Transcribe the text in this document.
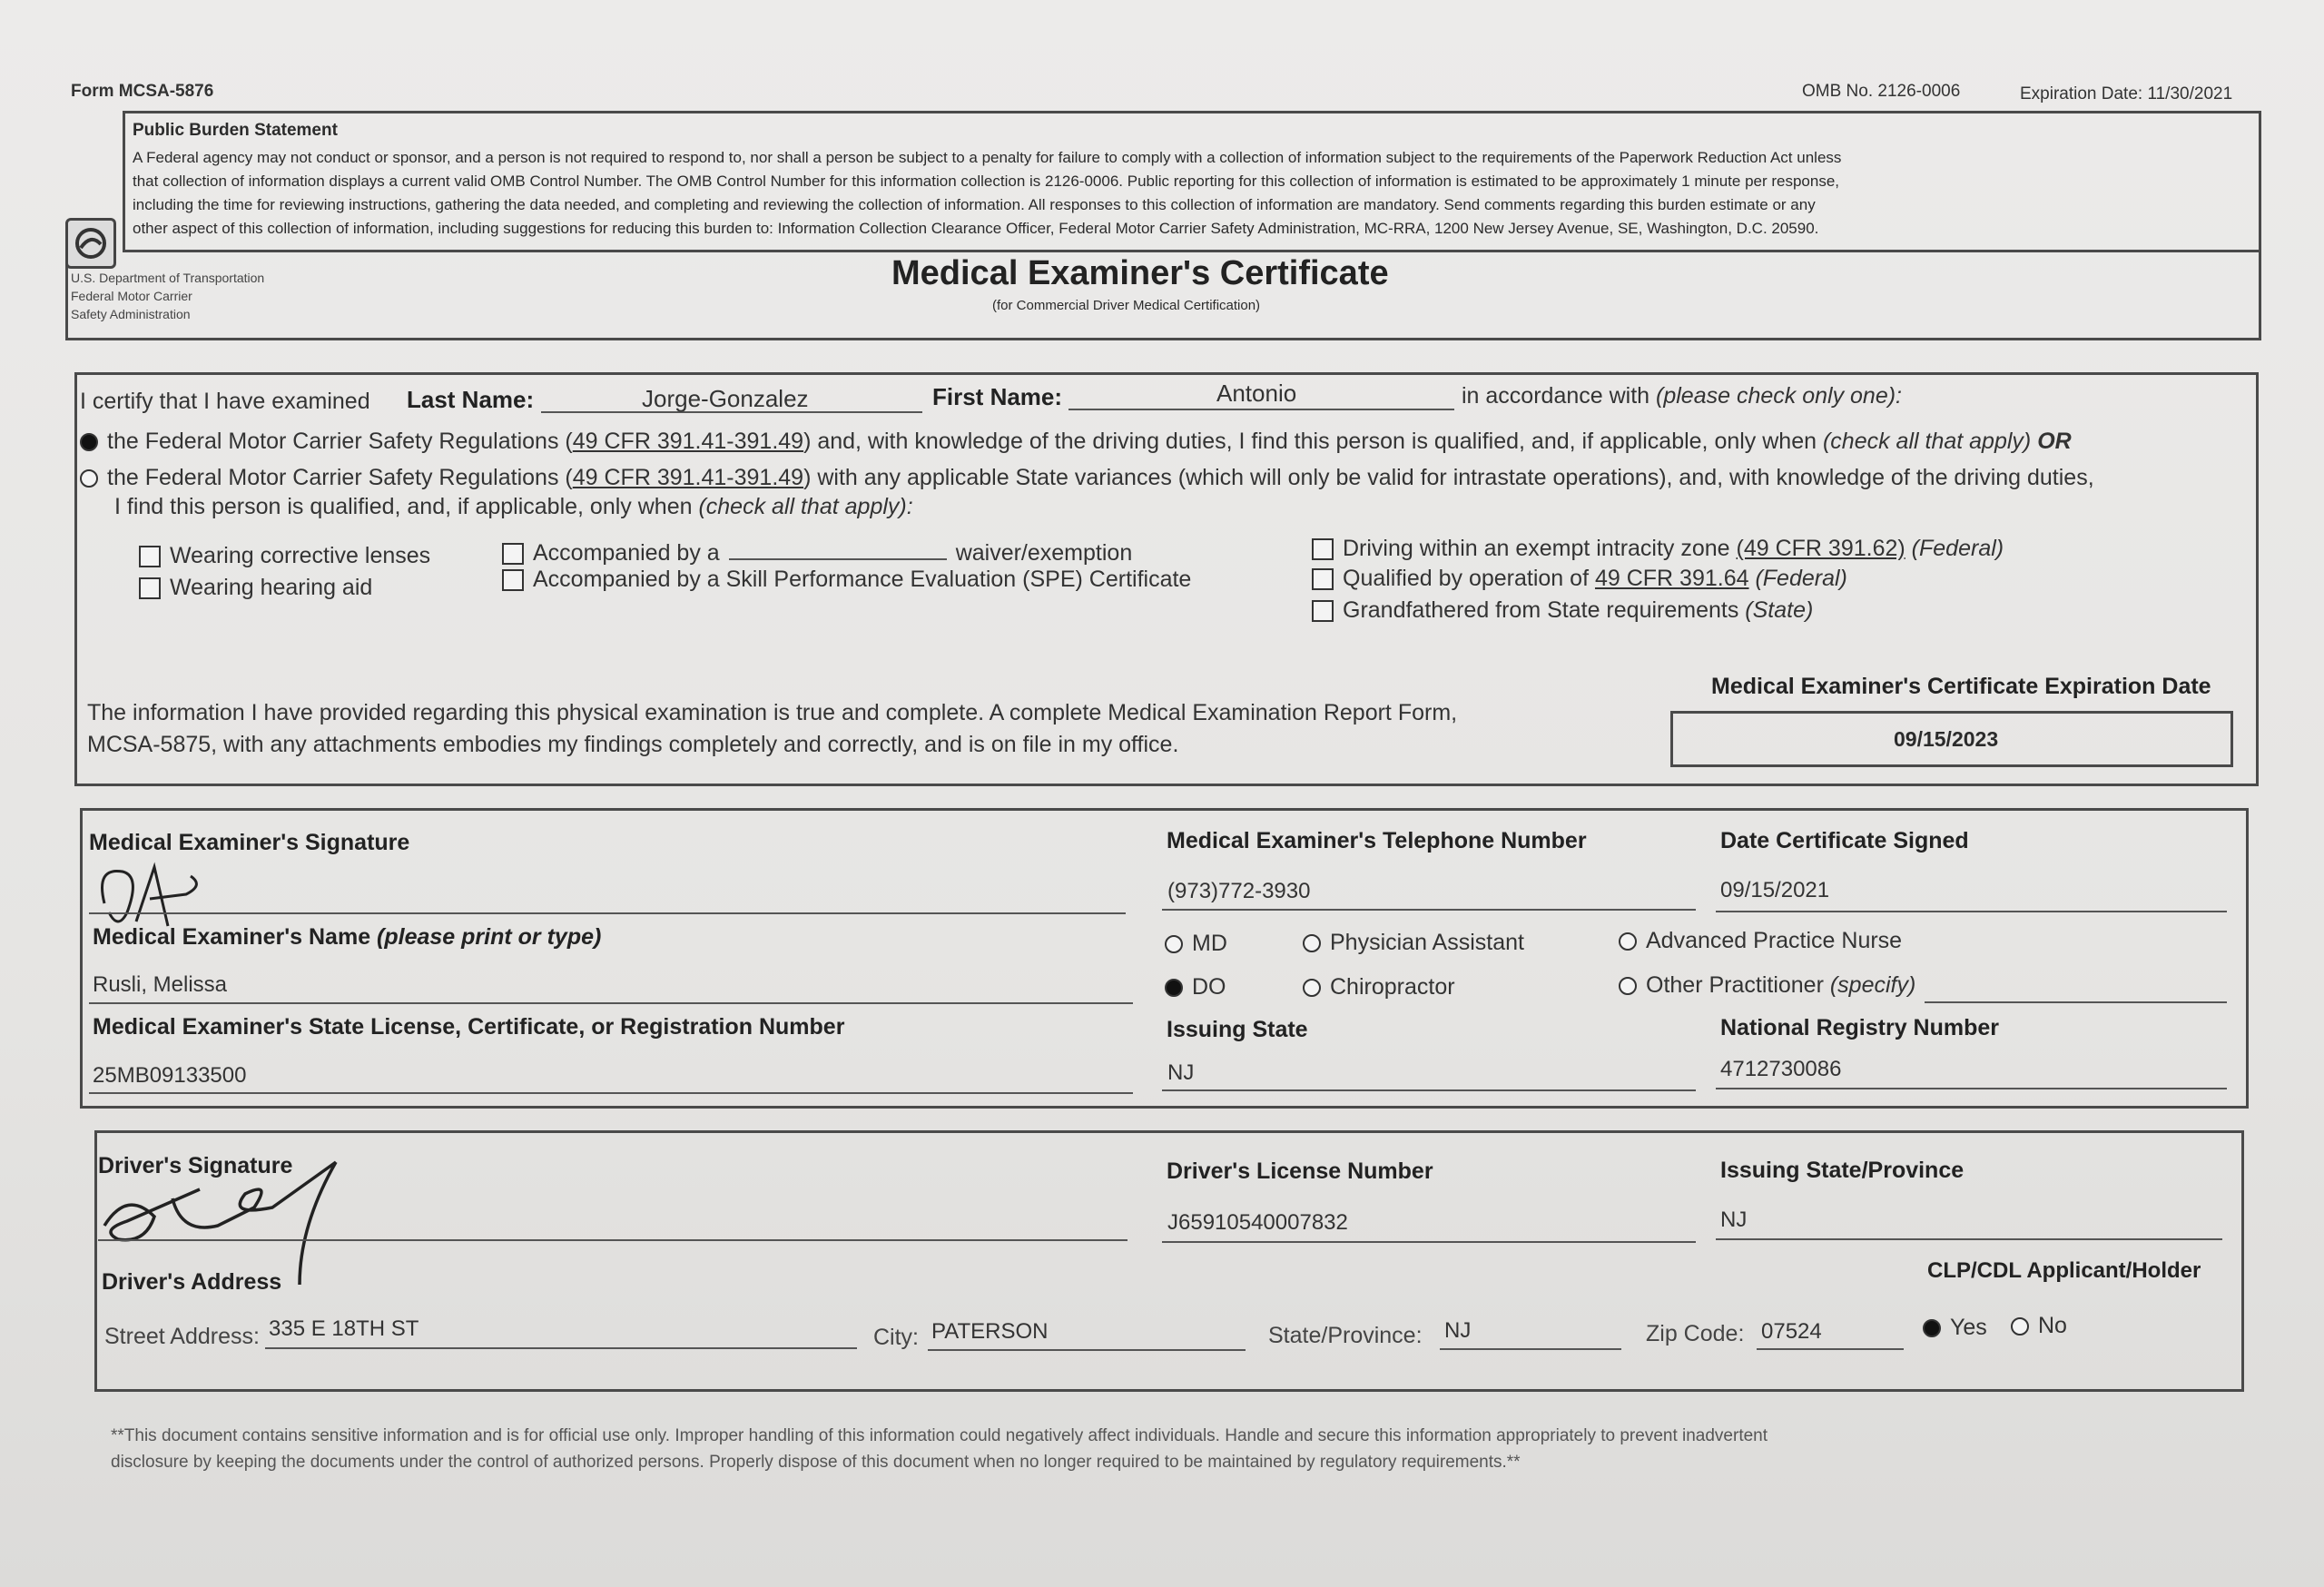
Form MCSA-5876	OMB No. 2126-0006	Expiration Date: 11/30/2021
Public Burden Statement
A Federal agency may not conduct or sponsor, and a person is not required to respond to, nor shall a person be subject to a penalty for failure to comply with a collection of information subject to the requirements of the Paperwork Reduction Act unless
that collection of information displays a current valid OMB Control Number. The OMB Control Number for this information collection is 2126-0006. Public reporting for this collection of information is estimated to be approximately 1 minute per response,
including the time for reviewing instructions, gathering the data needed, and completing and reviewing the collection of information. All responses to this collection of information are mandatory. Send comments regarding this burden estimate or any
other aspect of this collection of information, including suggestions for reducing this burden to: Information Collection Clearance Officer, Federal Motor Carrier Safety Administration, MC-RRA, 1200 New Jersey Avenue, SE, Washington, D.C. 20590.
U.S. Department of Transportation
Federal Motor Carrier
Safety Administration
Medical Examiner's Certificate
(for Commercial Driver Medical Certification)
I certify that I have examined Last Name:	Jorge-Gonzalez	First Name:	Antonio	in accordance with (please check only one):
the Federal Motor Carrier Safety Regulations (49 CFR 391.41-391.49) and, with knowledge of the driving duties, I find this person is qualified, and, if applicable, only when (check all that apply) OR
the Federal Motor Carrier Safety Regulations (49 CFR 391.41-391.49) with any applicable State variances (which will only be valid for intrastate operations), and, with knowledge of the driving duties,
I find this person is qualified, and, if applicable, only when (check all that apply):
Wearing corrective lenses
Wearing hearing aid
Accompanied by a	waiver/exemption
Accompanied by a Skill Performance Evaluation (SPE) Certificate
Driving within an exempt intracity zone (49 CFR 391.62) (Federal)
Qualified by operation of 49 CFR 391.64 (Federal)
Grandfathered from State requirements (State)
The information I have provided regarding this physical examination is true and complete. A complete Medical Examination Report Form,
MCSA-5875, with any attachments embodies my findings completely and correctly, and is on file in my office.
Medical Examiner's Certificate Expiration Date
09/15/2023
Medical Examiner's Signature	Medical Examiner's Telephone Number
(973)772-3930
Date Certificate Signed
09/15/2021
Medical Examiner's Name (please print or type)
Rusli, Melissa
MD
DO
Physician Assistant
Chiropractor
Advanced Practice Nurse
Other Practitioner (specify)
Medical Examiner's State License, Certificate, or Registration Number
25MB09133500
Issuing State
NJ
National Registry Number
4712730086
Driver's Signature
Driver's Address
Driver's License Number
J65910540007832
Issuing State/Province
NJ
Street Address: 335 E 18TH ST	City: PATERSON	State/Province: NJ	Zip Code: 07524
CLP/CDL Applicant/Holder
Yes	No
**This document contains sensitive information and is for official use only. Improper handling of this information could negatively affect individuals. Handle and secure this information appropriately to prevent inadvertent
disclosure by keeping the documents under the control of authorized persons. Properly dispose of this document when no longer required to be maintained by regulatory requirements.**
